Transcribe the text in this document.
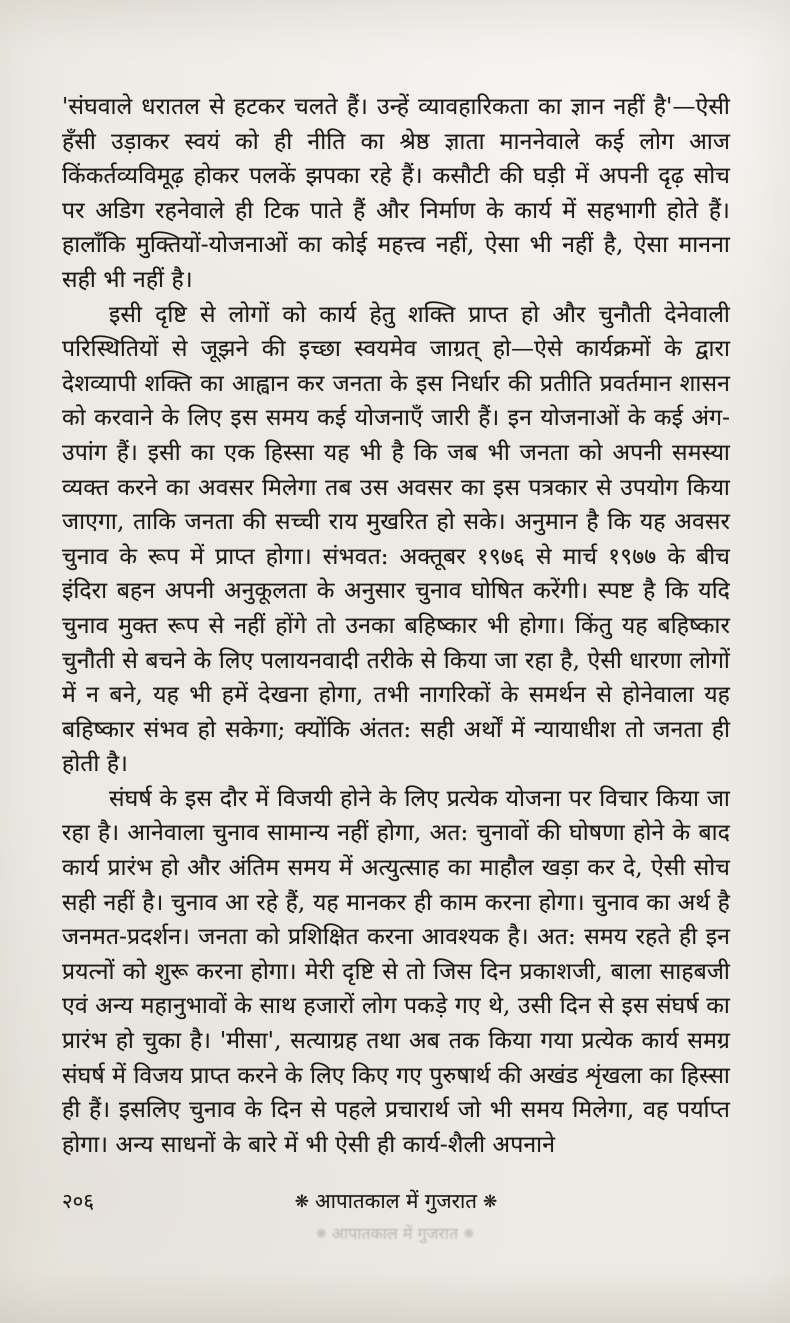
'संघवाले धरातल से हटकर चलते हैं। उन्हें व्यावहारिकता का ज्ञान नहीं है'—ऐसी हँसी उड़ाकर स्वयं को ही नीति का श्रेष्ठ ज्ञाता माननेवाले कई लोग आज किंकर्तव्यविमूढ़ होकर पलकें झपका रहे हैं। कसौटी की घड़ी में अपनी दृढ़ सोच पर अडिग रहनेवाले ही टिक पाते हैं और निर्माण के कार्य में सहभागी होते हैं। हालाँकि मुक्तियों-योजनाओं का कोई महत्त्व नहीं, ऐसा भी नहीं है, ऐसा मानना सही भी नहीं है।

इसी दृष्टि से लोगों को कार्य हेतु शक्ति प्राप्त हो और चुनौती देनेवाली परिस्थितियों से जूझने की इच्छा स्वयमेव जाग्रत् हो—ऐसे कार्यक्रमों के द्वारा देशव्यापी शक्ति का आह्वान कर जनता के इस निर्धार की प्रतीति प्रवर्तमान शासन को करवाने के लिए इस समय कई योजनाएँ जारी हैं। इन योजनाओं के कई अंग-उपांग हैं। इसी का एक हिस्सा यह भी है कि जब भी जनता को अपनी समस्या व्यक्त करने का अवसर मिलेगा तब उस अवसर का इस पत्रकार से उपयोग किया जाएगा, ताकि जनता की सच्ची राय मुखरित हो सके। अनुमान है कि यह अवसर चुनाव के रूप में प्राप्त होगा। संभवत: अक्तूबर १९७६ से मार्च १९७७ के बीच इंदिरा बहन अपनी अनुकूलता के अनुसार चुनाव घोषित करेंगी। स्पष्ट है कि यदि चुनाव मुक्त रूप से नहीं होंगे तो उनका बहिष्कार भी होगा। किंतु यह बहिष्कार चुनौती से बचने के लिए पलायनवादी तरीके से किया जा रहा है, ऐसी धारणा लोगों में न बने, यह भी हमें देखना होगा, तभी नागरिकों के समर्थन से होनेवाला यह बहिष्कार संभव हो सकेगा; क्योंकि अंतत: सही अर्थों में न्यायाधीश तो जनता ही होती है।

संघर्ष के इस दौर में विजयी होने के लिए प्रत्येक योजना पर विचार किया जा रहा है। आनेवाला चुनाव सामान्य नहीं होगा, अत: चुनावों की घोषणा होने के बाद कार्य प्रारंभ हो और अंतिम समय में अत्युत्साह का माहौल खड़ा कर दे, ऐसी सोच सही नहीं है। चुनाव आ रहे हैं, यह मानकर ही काम करना होगा। चुनाव का अर्थ है जनमत-प्रदर्शन। जनता को प्रशिक्षित करना आवश्यक है। अत: समय रहते ही इन प्रयत्नों को शुरू करना होगा। मेरी दृष्टि से तो जिस दिन प्रकाशजी, बाला साहबजी एवं अन्य महानुभावों के साथ हजारों लोग पकड़े गए थे, उसी दिन से इस संघर्ष का प्रारंभ हो चुका है। 'मीसा', सत्याग्रह तथा अब तक किया गया प्रत्येक कार्य समग्र संघर्ष में विजय प्राप्त करने के लिए किए गए पुरुषार्थ की अखंड शृंखला का हिस्सा ही हैं। इसलिए चुनाव के दिन से पहले प्रचारार्थ जो भी समय मिलेगा, वह पर्याप्त होगा। अन्य साधनों के बारे में भी ऐसी ही कार्य-शैली अपनाने

२०६	❋ आपातकाल में गुजरात ❋
❋ आपातकाल में गुजरात ❋
